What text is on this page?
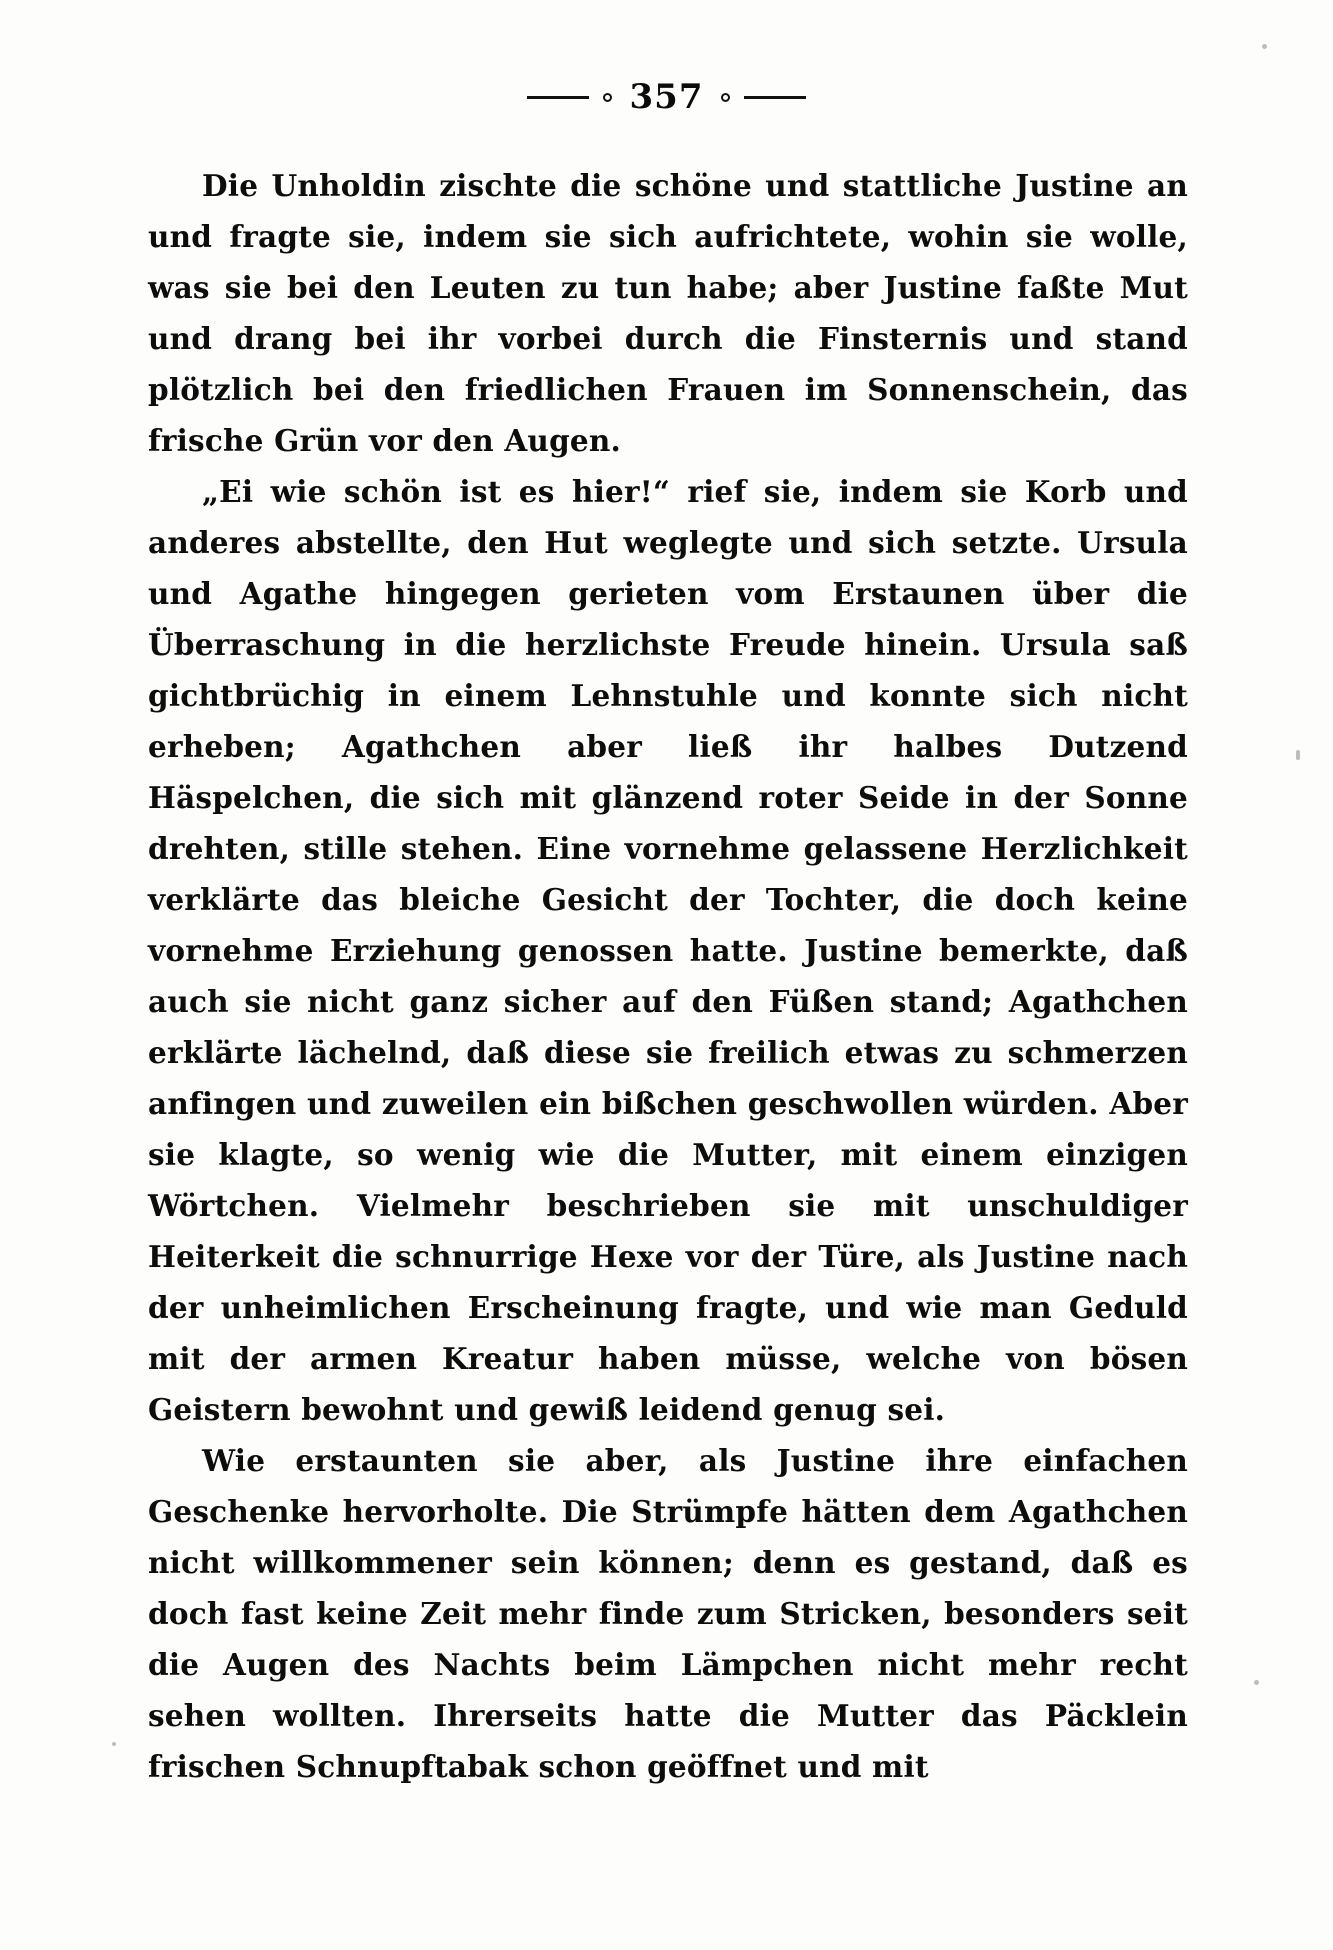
357

Die Unholdin zischte die schöne und stattliche Justine an und fragte sie, indem sie sich aufrichtete, wohin sie wolle, was sie bei den Leuten zu tun habe; aber Justine faßte Mut und drang bei ihr vorbei durch die Finsternis und stand plötzlich bei den friedlichen Frauen im Sonnenschein, das frische Grün vor den Augen.

„Ei wie schön ist es hier!“ rief sie, indem sie Korb und anderes abstellte, den Hut weglegte und sich setzte. Ursula und Agathe hingegen gerieten vom Erstaunen über die Überraschung in die herzlichste Freude hinein. Ursula saß gichtbrüchig in einem Lehnstuhle und konnte sich nicht erheben; Agathchen aber ließ ihr halbes Dutzend Häspelchen, die sich mit glänzend roter Seide in der Sonne drehten, stille stehen. Eine vornehme gelassene Herzlichkeit verklärte das bleiche Gesicht der Tochter, die doch keine vornehme Erziehung genossen hatte. Justine bemerkte, daß auch sie nicht ganz sicher auf den Füßen stand; Agathchen erklärte lächelnd, daß diese sie freilich etwas zu schmerzen anfingen und zuweilen ein bißchen geschwollen würden. Aber sie klagte, so wenig wie die Mutter, mit einem einzigen Wörtchen. Vielmehr beschrieben sie mit unschuldiger Heiterkeit die schnurrige Hexe vor der Türe, als Justine nach der unheimlichen Erscheinung fragte, und wie man Geduld mit der armen Kreatur haben müsse, welche von bösen Geistern bewohnt und gewiß leidend genug sei.

Wie erstaunten sie aber, als Justine ihre einfachen Geschenke hervorholte. Die Strümpfe hätten dem Agathchen nicht willkommener sein können; denn es gestand, daß es doch fast keine Zeit mehr finde zum Stricken, besonders seit die Augen des Nachts beim Lämpchen nicht mehr recht sehen wollten. Ihrerseits hatte die Mutter das Päcklein frischen Schnupftabak schon geöffnet und mit
